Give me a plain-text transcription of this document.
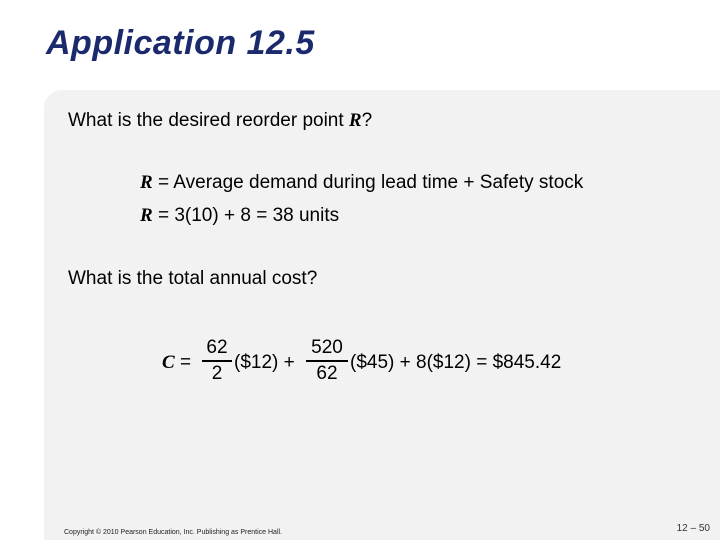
Application 12.5
What is the desired reorder point R?
R = Average demand during lead time + Safety stock
R = 3(10) + 8 = 38 units
What is the total annual cost?
C =
62
2
($12) +
520
62
($45) + 8($12) = $845.42
Copyright © 2010 Pearson Education, Inc. Publishing as Prentice Hall.	12 – 50
